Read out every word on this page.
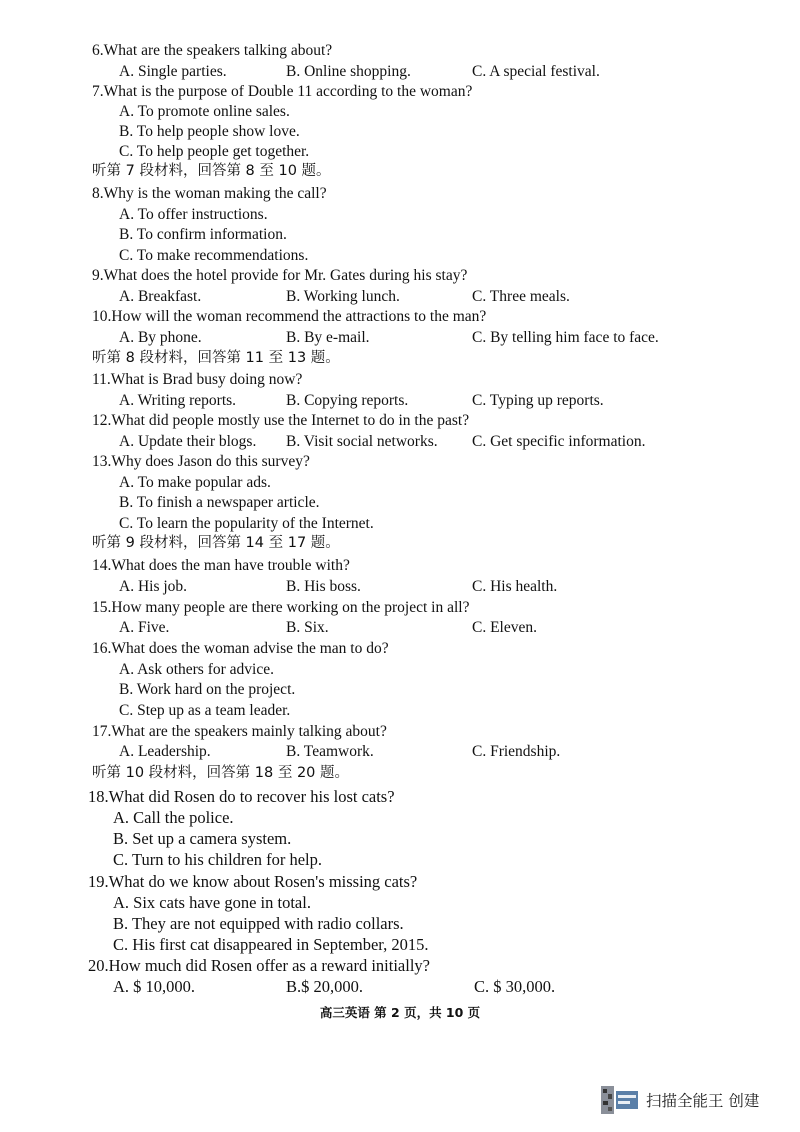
6.What are the speakers talking about?
A. Single parties.	B. Online shopping.	C. A special festival.
7.What is the purpose of Double 11 according to the woman?
A. To promote online sales.
B. To help people show love.
C. To help people get together.
听第 7 段材料，回答第 8 至 10 题。
8.Why is the woman making the call?
A. To offer instructions.
B. To confirm information.
C. To make recommendations.
9.What does the hotel provide for Mr. Gates during his stay?
A. Breakfast.	B. Working lunch.	C. Three meals.
10.How will the woman recommend the attractions to the man?
A. By phone.	B. By e-mail.	C. By telling him face to face.
听第 8 段材料，回答第 11 至 13 题。
11.What is Brad busy doing now?
A. Writing reports.	B. Copying reports.	C. Typing up reports.
12.What did people mostly use the Internet to do in the past?
A. Update their blogs. B. Visit social networks. C. Get specific information.
13.Why does Jason do this survey?
A. To make popular ads.
B. To finish a newspaper article.
C. To learn the popularity of the Internet.
听第 9 段材料，回答第 14 至 17 题。
14.What does the man have trouble with?
A. His job.	B. His boss.	C. His health.
15.How many people are there working on the project in all?
A. Five.	B. Six.	C. Eleven.
16.What does the woman advise the man to do?
A. Ask others for advice.
B. Work hard on the project.
C. Step up as a team leader.
17.What are the speakers mainly talking about?
A. Leadership.	B. Teamwork.	C. Friendship.
听第 10 段材料，回答第 18 至 20 题。
18.What did Rosen do to recover his lost cats?
A. Call the police.
B. Set up a camera system.
C. Turn to his children for help.
19.What do we know about Rosen's missing cats?
A. Six cats have gone in total.
B. They are not equipped with radio collars.
C. His first cat disappeared in September, 2015.
20.How much did Rosen offer as a reward initially?
A. $ 10,000.	B.$ 20,000.	C. $ 30,000.
高三英语 第 2 页，共 10 页
扫描全能王 创建
